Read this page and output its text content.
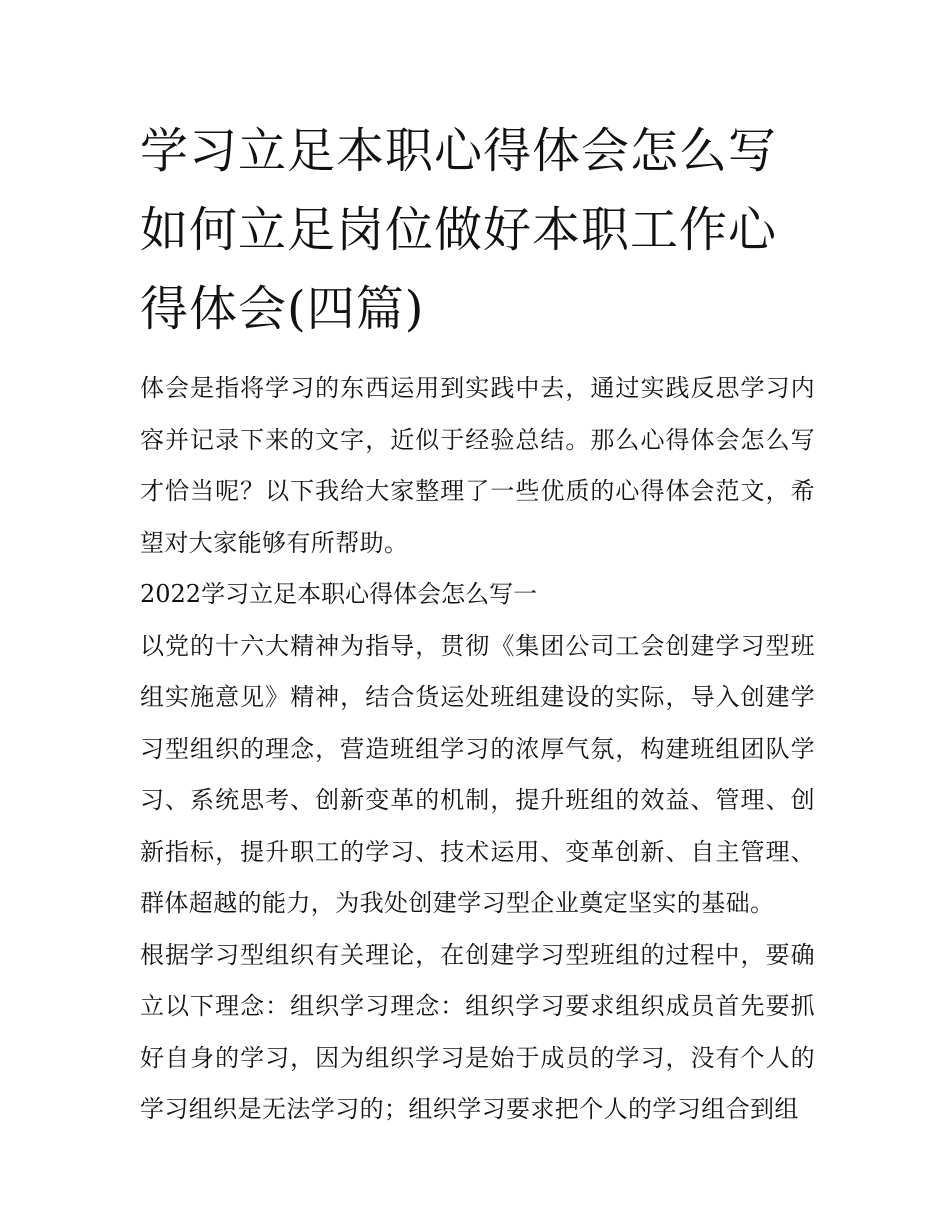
学习立足本职心得体会怎么写如何立足岗位做好本职工作心得体会(四篇)

体会是指将学习的东西运用到实践中去，通过实践反思学习内容并记录下来的文字，近似于经验总结。那么心得体会怎么写才恰当呢？以下我给大家整理了一些优质的心得体会范文，希望对大家能够有所帮助。

2022学习立足本职心得体会怎么写一

以党的十六大精神为指导，贯彻《集团公司工会创建学习型班组实施意见》精神，结合货运处班组建设的实际，导入创建学习型组织的理念，营造班组学习的浓厚气氛，构建班组团队学习、系统思考、创新变革的机制，提升班组的效益、管理、创新指标，提升职工的学习、技术运用、变革创新、自主管理、群体超越的能力，为我处创建学习型企业奠定坚实的基础。

根据学习型组织有关理论，在创建学习型班组的过程中，要确立以下理念：组织学习理念：组织学习要求组织成员首先要抓好自身的学习，因为组织学习是始于成员的学习，没有个人的学习组织是无法学习的；组织学习要求把个人的学习组合到组
